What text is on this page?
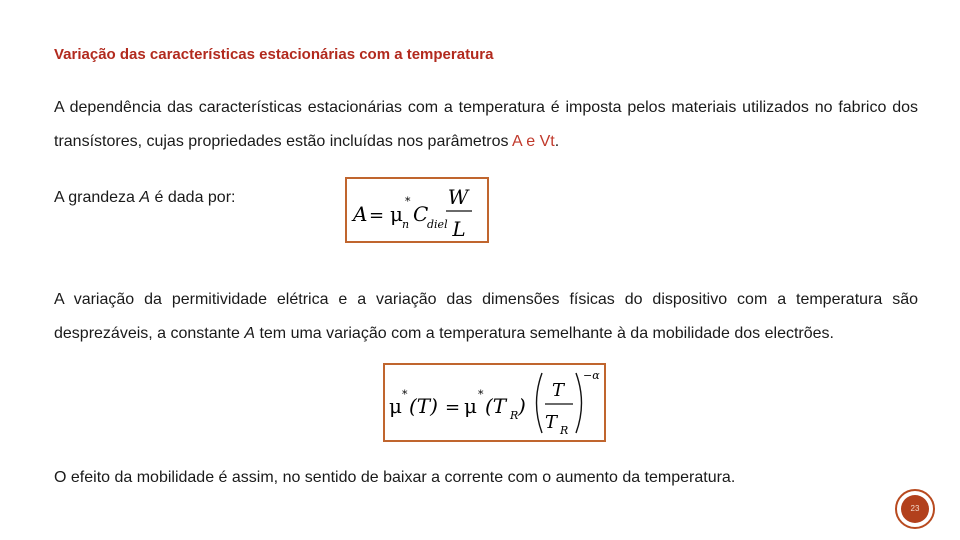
Variação das características estacionárias com a temperatura
A dependência das características estacionárias com a temperatura é imposta pelos materiais utilizados no fabrico dos transístores, cujas propriedades estão incluídas nos parâmetros A e Vt.
A grandeza A é dada por:
A = μ
*
n C
diel
W
L
A variação da permitividade elétrica e a variação das dimensões físicas do dispositivo com a temperatura são desprezáveis, a constante A tem uma variação com a temperatura semelhante à da mobilidade dos electrões.
μ * (T) = μ * (T R )
T
T R
−α
O efeito da mobilidade é assim, no sentido de baixar a corrente com o aumento da temperatura.
23
